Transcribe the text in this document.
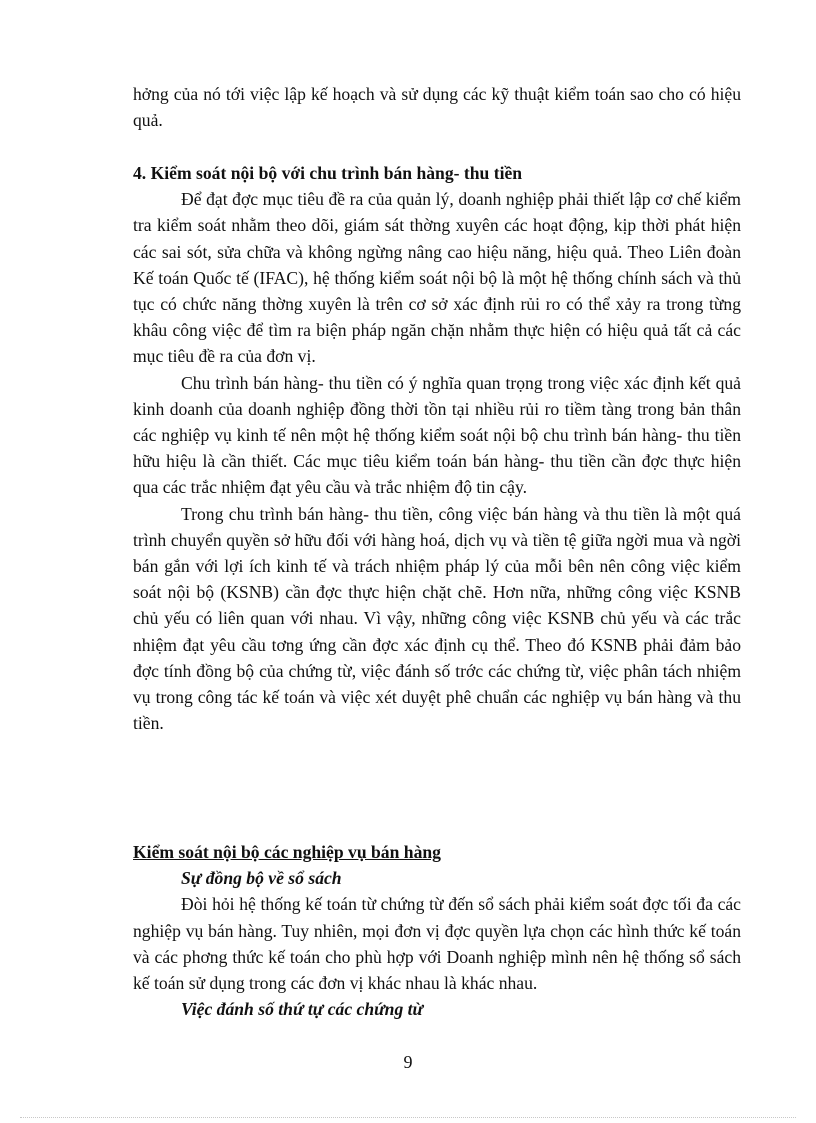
hởng của nó tới việc lập kế hoạch và sử dụng các kỹ thuật kiểm toán sao cho có hiệu quả.

4. Kiểm soát nội bộ với chu trình bán hàng- thu tiền

Để đạt đợc mục tiêu đề ra của quản lý, doanh nghiệp phải thiết lập cơ chế kiểm tra kiểm soát nhằm theo dõi, giám sát thờng xuyên các hoạt động, kịp thời phát hiện các sai sót, sửa chữa và không ngừng nâng cao hiệu năng, hiệu quả. Theo Liên đoàn Kế toán Quốc tế (IFAC), hệ thống kiểm soát nội bộ là một hệ thống chính sách và thủ tục có chức năng thờng xuyên là trên cơ sở xác định rủi ro có thể xảy ra trong từng khâu công việc để tìm ra biện pháp ngăn chặn nhằm thực hiện có hiệu quả tất cả các mục tiêu đề ra của đơn vị.

Chu trình bán hàng- thu tiền có ý nghĩa quan trọng trong việc xác định kết quả kinh doanh của doanh nghiệp đồng thời tồn tại nhiều rủi ro tiềm tàng trong bản thân các nghiệp vụ kinh tế nên một hệ thống kiểm soát nội bộ chu trình bán hàng- thu tiền hữu hiệu là cần thiết. Các mục tiêu kiểm toán bán hàng- thu tiền cần đợc thực hiện qua các trắc nhiệm đạt yêu cầu và trắc nhiệm độ tin cậy.

Trong chu trình bán hàng- thu tiền, công việc bán hàng và thu tiền là một quá trình chuyển quyền sở hữu đối với hàng hoá, dịch vụ và tiền tệ giữa ngời mua và ngời bán gắn với lợi ích kinh tế và trách nhiệm pháp lý của mỗi bên nên công việc kiểm soát nội bộ (KSNB) cần đợc thực hiện chặt chẽ. Hơn nữa, những công việc KSNB chủ yếu có liên quan với nhau. Vì vậy, những công việc KSNB chủ yếu và các trắc nhiệm đạt yêu cầu tơng ứng cần đợc xác định cụ thể. Theo đó KSNB phải đảm bảo đợc tính đồng bộ của chứng từ, việc đánh số trớc các chứng từ, việc phân tách nhiệm vụ trong công tác kế toán và việc xét duyệt phê chuẩn các nghiệp vụ bán hàng và thu tiền.

Kiểm soát nội bộ các nghiệp vụ bán hàng

Sự đồng bộ về sổ sách

Đòi hỏi hệ thống kế toán từ chứng từ đến sổ sách phải kiểm soát đợc tối đa các nghiệp vụ bán hàng. Tuy nhiên, mọi đơn vị đợc quyền lựa chọn các hình thức kế toán và các phơng thức kế toán cho phù hợp với Doanh nghiệp mình nên hệ thống sổ sách kế toán sử dụng trong các đơn vị khác nhau là khác nhau.

Việc đánh số thứ tự các chứng từ

9
